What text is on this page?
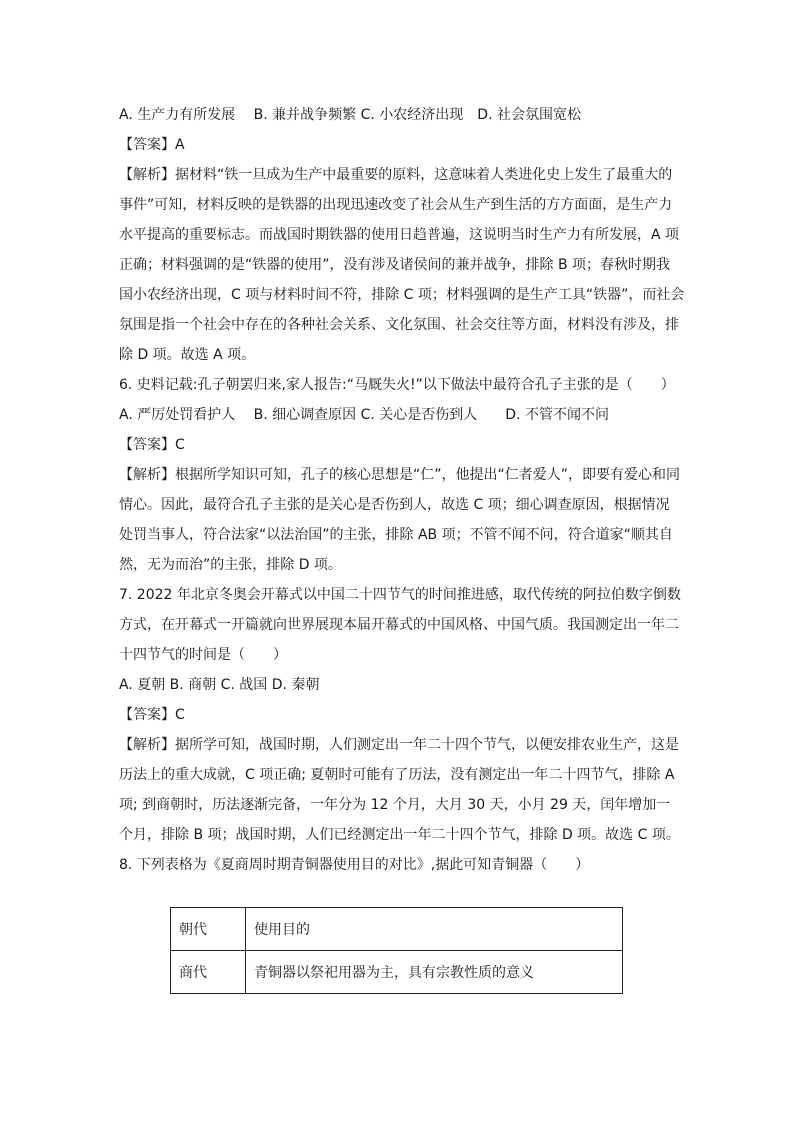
A. 生产力有所发展　 B. 兼并战争频繁 C. 小农经济出现　D. 社会氛围宽松
【答案】A
【解析】据材料“铁一旦成为生产中最重要的原料，这意味着人类进化史上发生了最重大的
事件”可知，材料反映的是铁器的出现迅速改变了社会从生产到生活的方方面面，是生产力
水平提高的重要标志。而战国时期铁器的使用日趋普遍，这说明当时生产力有所发展，A 项
正确；材料强调的是“铁器的使用”，没有涉及诸侯间的兼并战争，排除 B 项；春秋时期我
国小农经济出现，C 项与材料时间不符，排除 C 项；材料强调的是生产工具“铁器”，而社会
氛围是指一个社会中存在的各种社会关系、文化氛围、社会交往等方面，材料没有涉及，排
除 D 项。故选 A 项。
6. 史料记载:孔子朝罢归来,家人报告:“马厩失火!”以下做法中最符合孔子主张的是（　　）
A. 严厉处罚看护人　 B. 细心调查原因 C. 关心是否伤到人　　D. 不管不闻不问
【答案】C
【解析】根据所学知识可知，孔子的核心思想是“仁”，他提出“仁者爱人”，即要有爱心和同
情心。因此，最符合孔子主张的是关心是否伤到人，故选 C 项；细心调查原因，根据情况
处罚当事人，符合法家“以法治国”的主张，排除 AB 项；不管不闻不问，符合道家“顺其自
然，无为而治”的主张，排除 D 项。
7. 2022 年北京冬奥会开幕式以中国二十四节气的时间推进感，取代传统的阿拉伯数字倒数
方式，在开幕式一开篇就向世界展现本届开幕式的中国风格、中国气质。我国测定出一年二
十四节气的时间是（　　）
A. 夏朝 B. 商朝 C. 战国 D. 秦朝
【答案】C
【解析】据所学可知，战国时期，人们测定出一年二十四个节气，以便安排农业生产，这是
历法上的重大成就，C 项正确; 夏朝时可能有了历法，没有测定出一年二十四节气，排除 A
项; 到商朝时，历法逐渐完备，一年分为 12 个月，大月 30 天，小月 29 天，闰年增加一
个月，排除 B 项；战国时期，人们已经测定出一年二十四个节气，排除 D 项。故选 C 项。
8. 下列表格为《夏商周时期青铜器使用目的对比》,据此可知青铜器（　　）
朝代	使用目的
商代	青铜器以祭祀用器为主，具有宗教性质的意义
